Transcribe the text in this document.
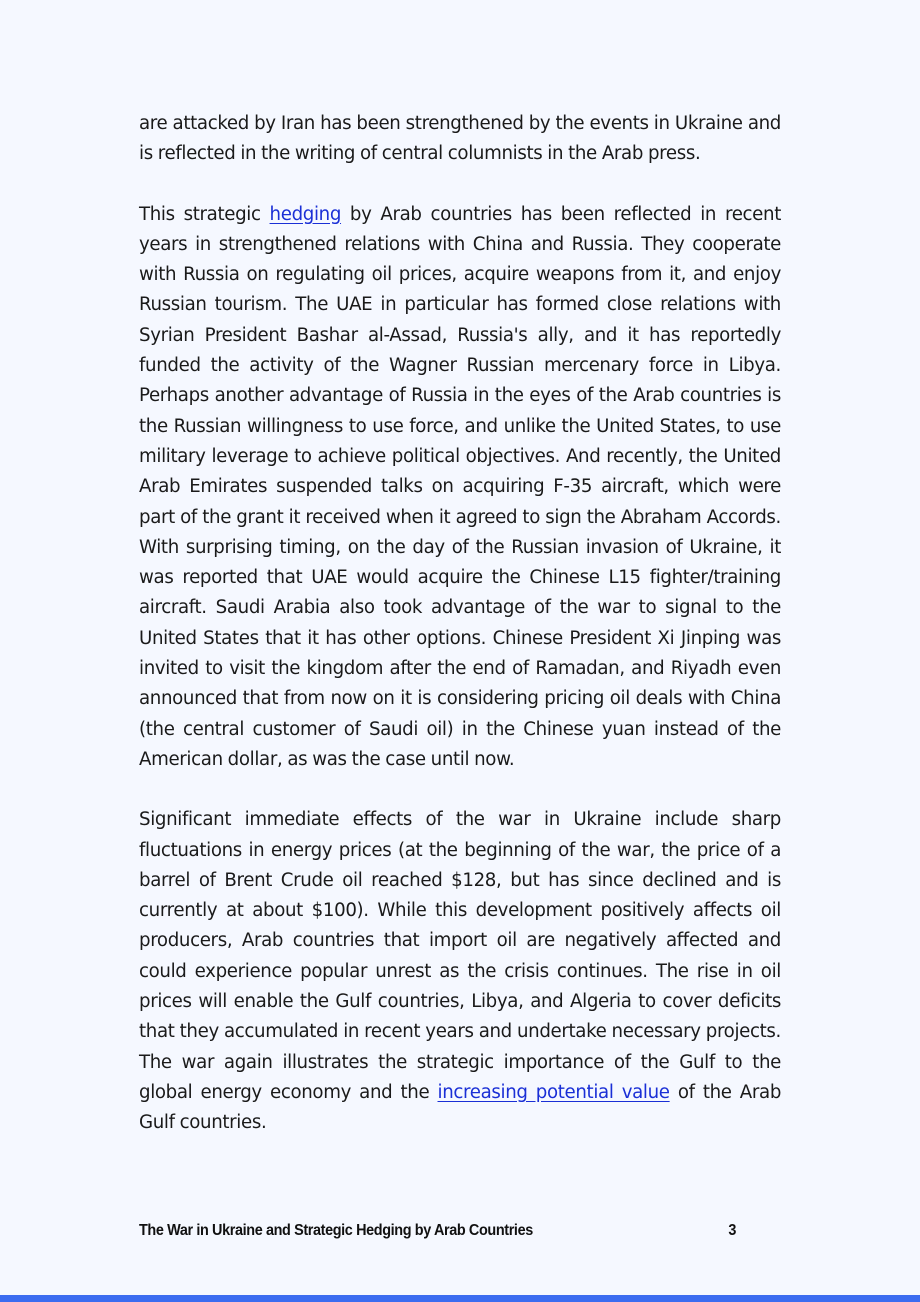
are attacked by Iran has been strengthened by the events in Ukraine and is reflected in the writing of central columnists in the Arab press.

This strategic hedging by Arab countries has been reflected in recent years in strengthened relations with China and Russia. They cooperate with Russia on regulating oil prices, acquire weapons from it, and enjoy Russian tourism. The UAE in particular has formed close relations with Syrian President Bashar al-Assad, Russia's ally, and it has reportedly funded the activity of the Wagner Russian mercenary force in Libya. Perhaps another advantage of Russia in the eyes of the Arab countries is the Russian willingness to use force, and unlike the United States, to use military leverage to achieve political objectives. And recently, the United Arab Emirates suspended talks on acquiring F-35 aircraft, which were part of the grant it received when it agreed to sign the Abraham Accords. With surprising timing, on the day of the Russian invasion of Ukraine, it was reported that UAE would acquire the Chinese L15 fighter/training aircraft. Saudi Arabia also took advantage of the war to signal to the United States that it has other options. Chinese President Xi Jinping was invited to visit the kingdom after the end of Ramadan, and Riyadh even announced that from now on it is considering pricing oil deals with China (the central customer of Saudi oil) in the Chinese yuan instead of the American dollar, as was the case until now.

Significant immediate effects of the war in Ukraine include sharp fluctuations in energy prices (at the beginning of the war, the price of a barrel of Brent Crude oil reached $128, but has since declined and is currently at about $100). While this development positively affects oil producers, Arab countries that import oil are negatively affected and could experience popular unrest as the crisis continues. The rise in oil prices will enable the Gulf countries, Libya, and Algeria to cover deficits that they accumulated in recent years and undertake necessary projects. The war again illustrates the strategic importance of the Gulf to the global energy economy and the increasing potential value of the Arab Gulf countries.

The War in Ukraine and Strategic Hedging by Arab Countries	3
